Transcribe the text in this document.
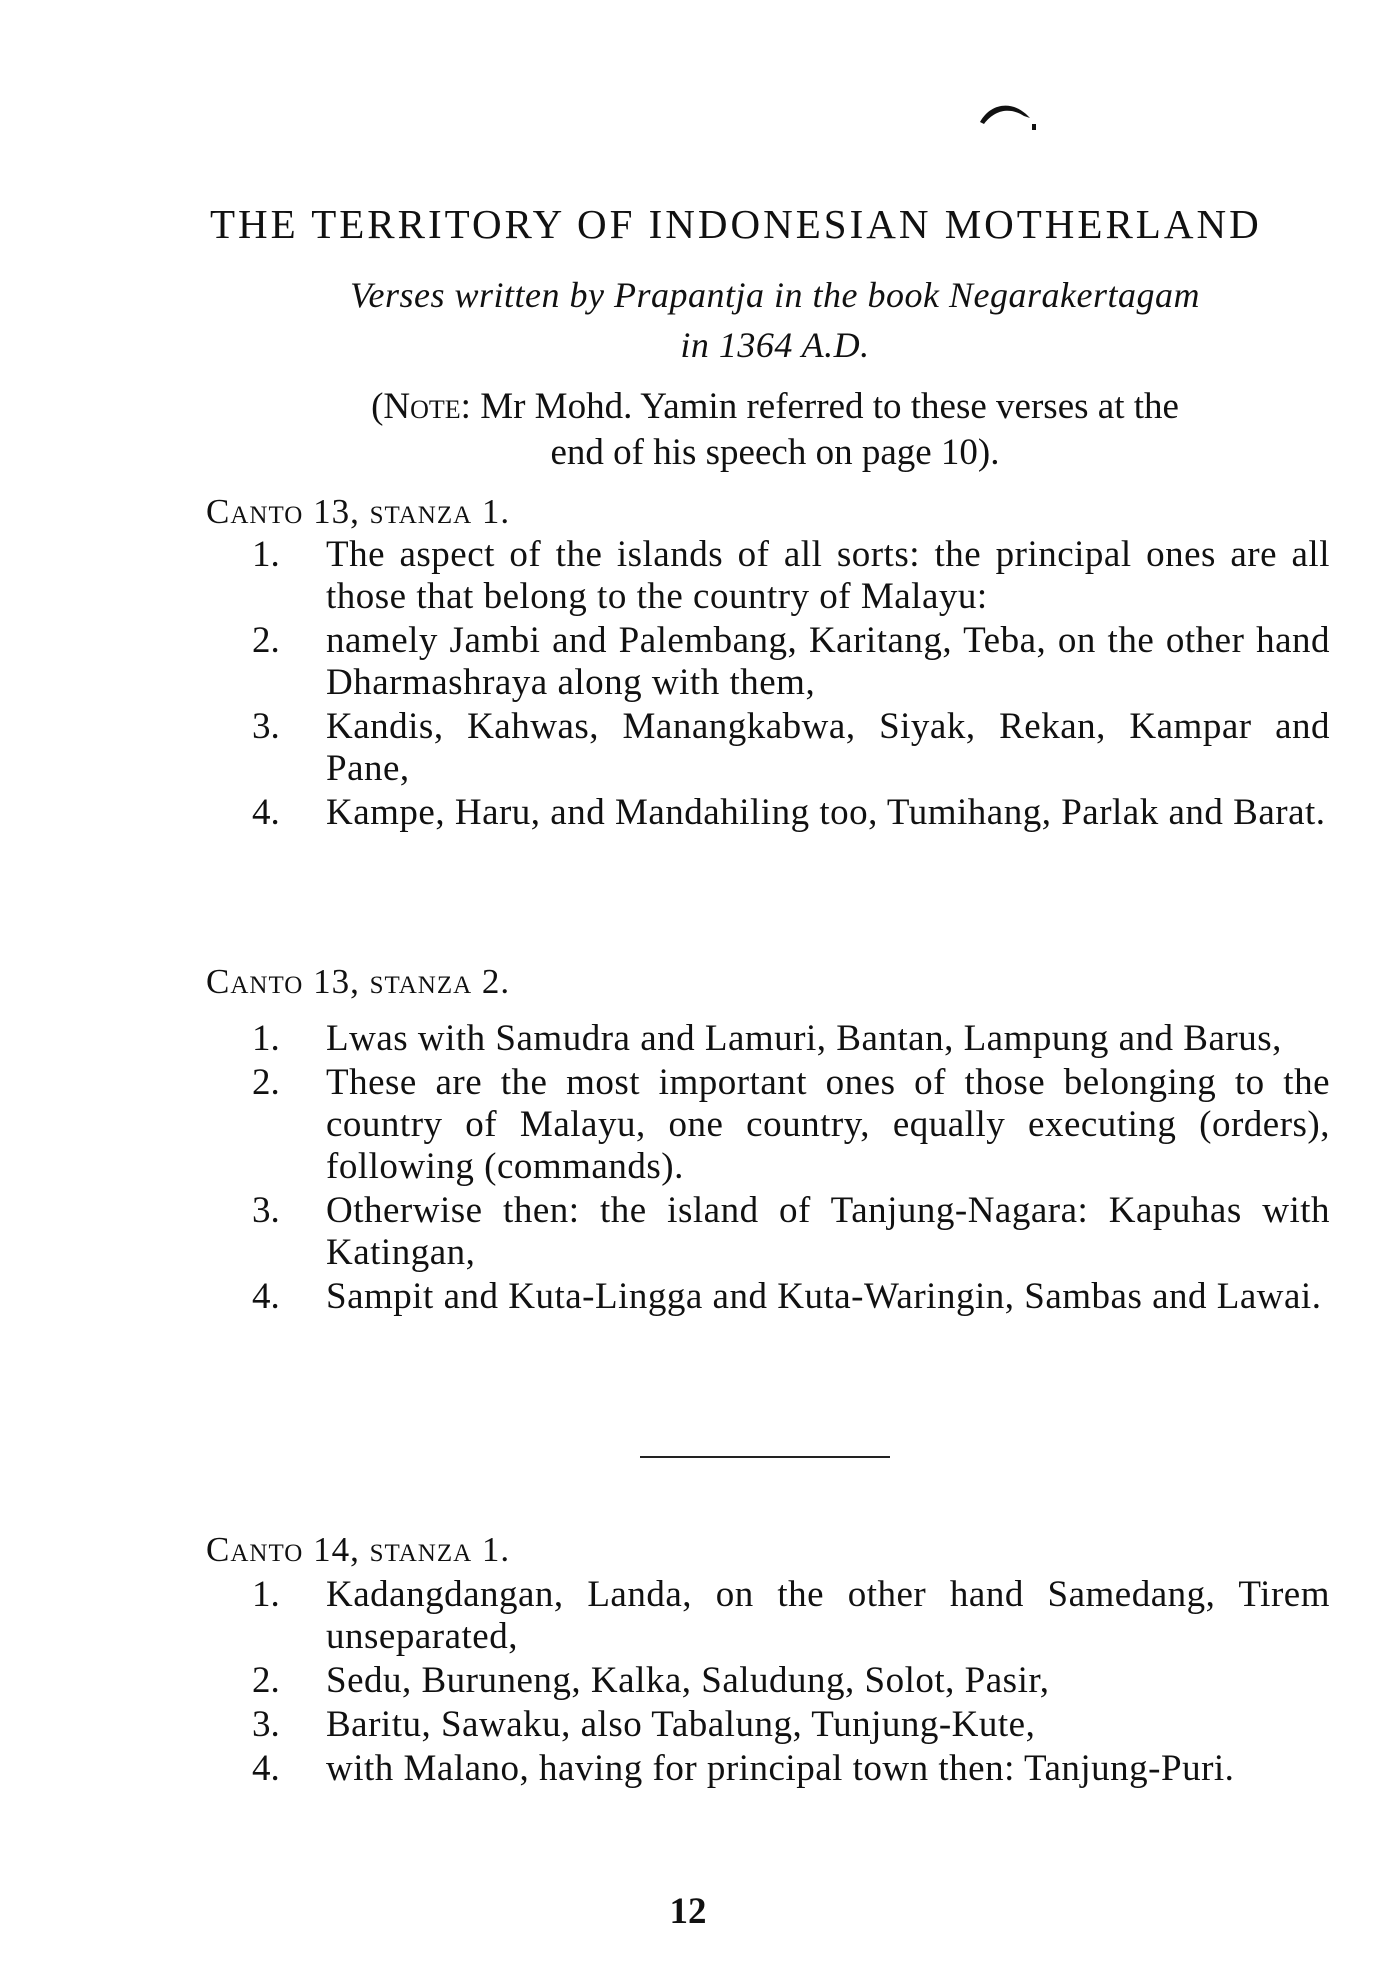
THE TERRITORY OF INDONESIAN MOTHERLAND
Verses written by Prapantja in the book Negarakertagam
in 1364 A.D.
(Note: Mr Mohd. Yamin referred to these verses at the
end of his speech on page 10).
Canto 13, stanza 1.
1.	The aspect of the islands of all sorts: the principal ones are all those that belong to the country of Malayu:
2.	namely Jambi and Palembang, Karitang, Teba, on the other hand Dharmashraya along with them,
3.	Kandis, Kahwas, Manangkabwa, Siyak, Rekan, Kampar and Pane,
4.	Kampe, Haru, and Mandahiling too, Tumihang, Parlak and Barat.
Canto 13, stanza 2.
1.	Lwas with Samudra and Lamuri, Bantan, Lampung and Barus,
2.	These are the most important ones of those belonging to the country of Malayu, one country, equally executing (orders), following (commands).
3.	Otherwise then: the island of Tanjung-Nagara: Kapuhas with Katingan,
4.	Sampit and Kuta-Lingga and Kuta-Waringin, Sambas and Lawai.
Canto 14, stanza 1.
1.	Kadangdangan, Landa, on the other hand Samedang, Tirem unseparated,
2.	Sedu, Buruneng, Kalka, Saludung, Solot, Pasir,
3.	Baritu, Sawaku, also Tabalung, Tunjung-Kute,
4.	with Malano, having for principal town then: Tanjung-Puri.
12
